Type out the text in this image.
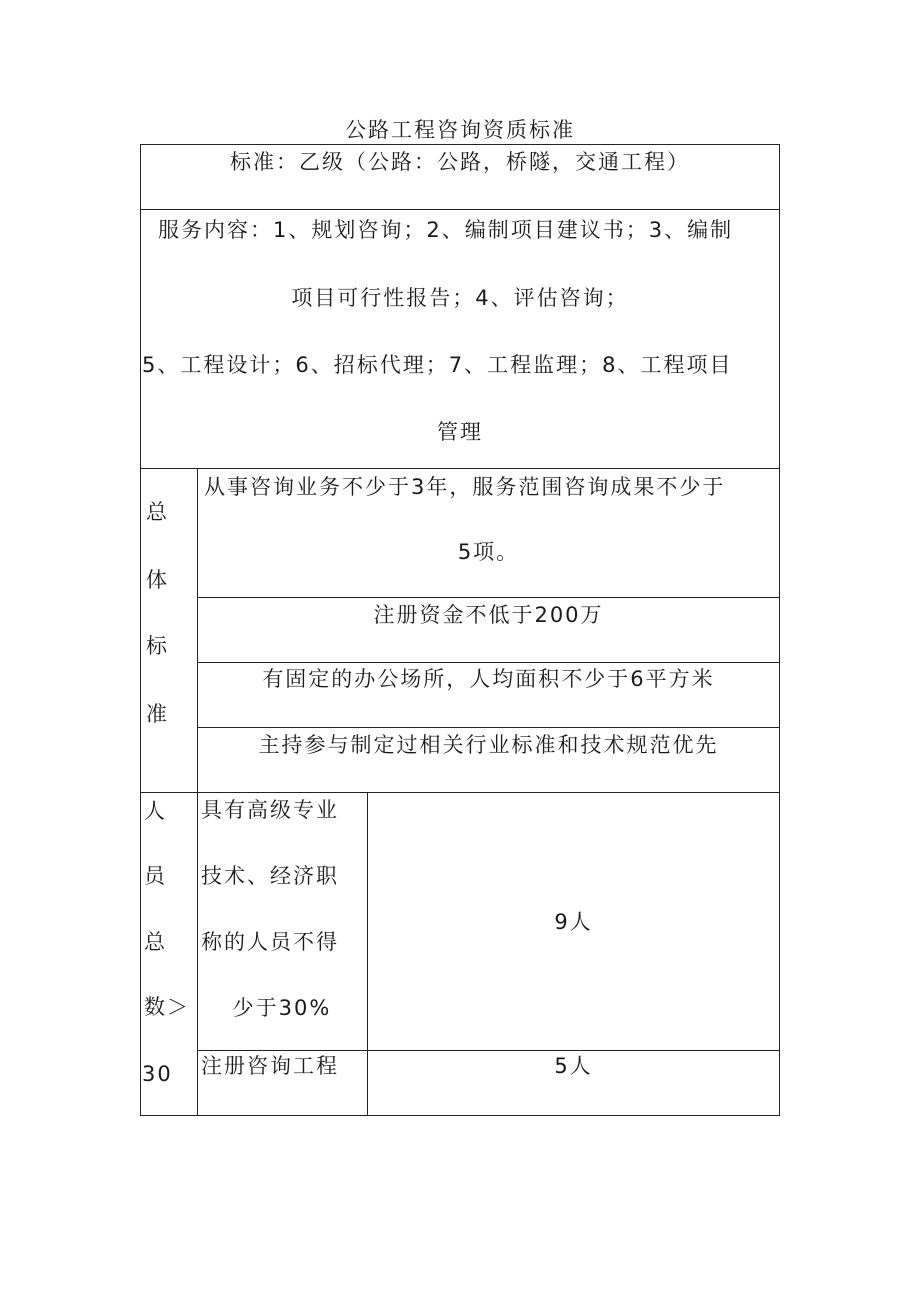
公路工程咨询资质标准
标准：乙级（公路：公路，桥隧，交通工程）
服务内容：1、规划咨询；2、编制项目建议书；3、编制
项目可行性报告；4、评估咨询；
5、工程设计；6、招标代理；7、工程监理；8、工程项目
管理
总
体
标
准
从事咨询业务不少于3年，服务范围咨询成果不少于
5项。
注册资金不低于200万
有固定的办公场所，人均面积不少于6平方米
主持参与制定过相关行业标准和技术规范优先
人
员
总
数＞
30
具有高级专业
技术、经济职
称的人员不得
少于30%
9人
注册咨询工程	5人
